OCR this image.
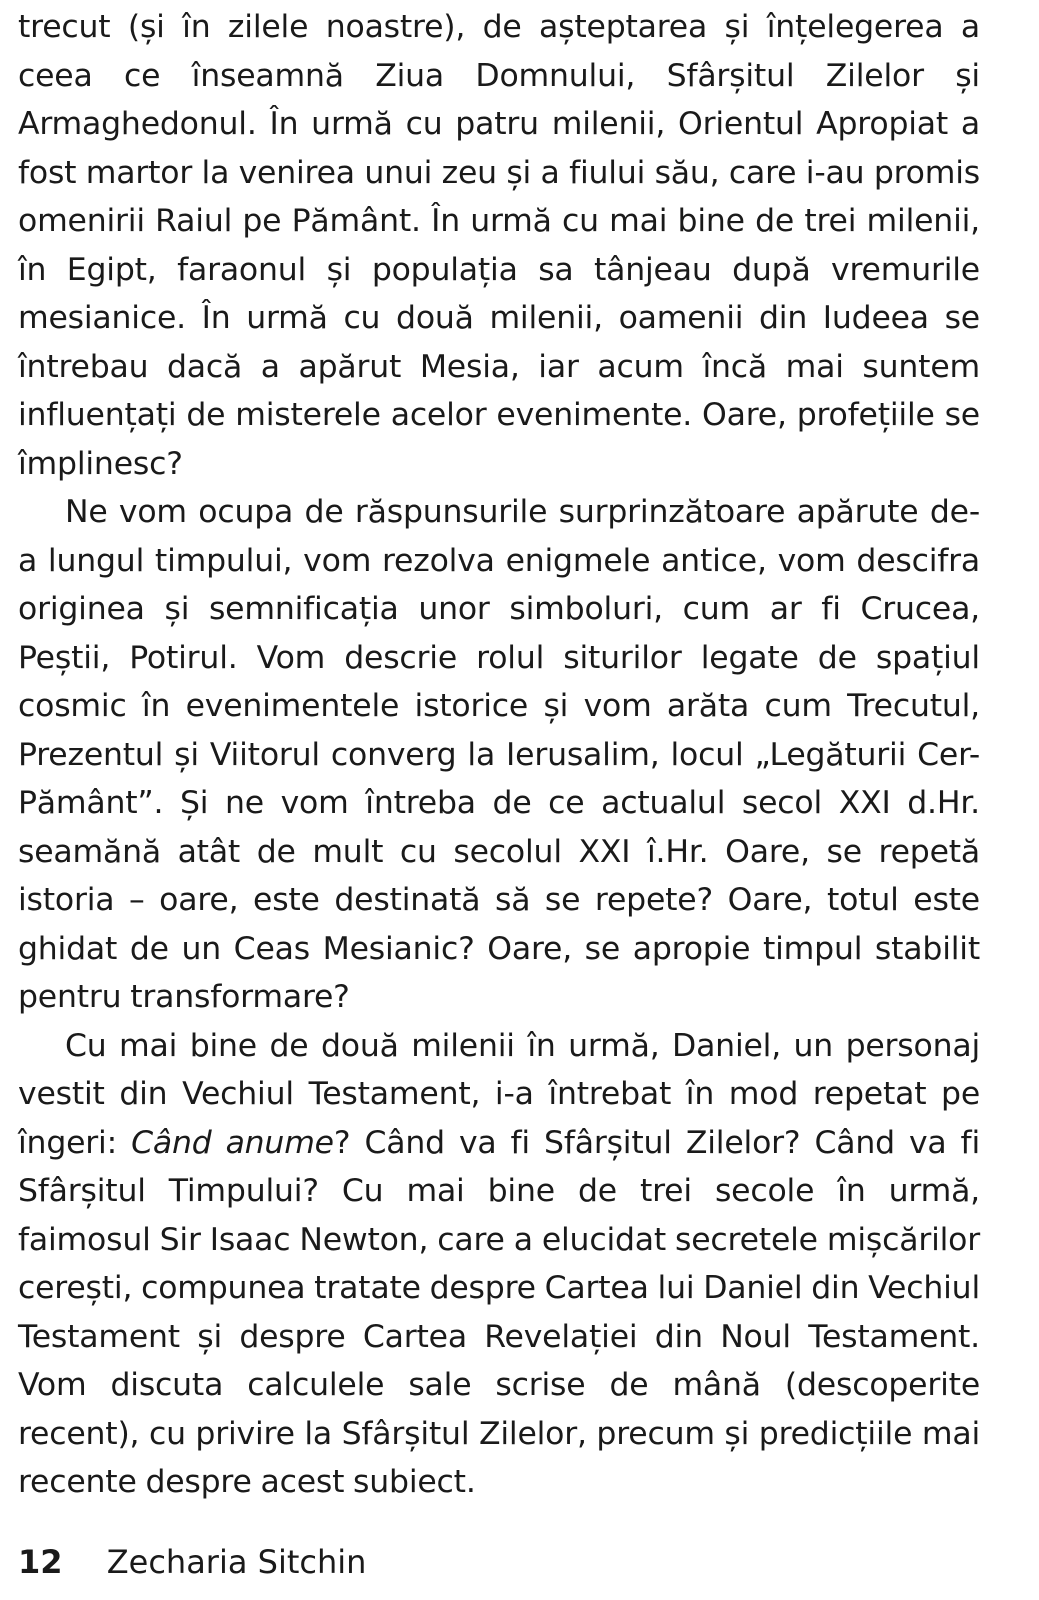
trecut (și în zilele noastre), de așteptarea și înțelegerea a ceea ce înseamnă Ziua Domnului, Sfârșitul Zilelor și Armaghedonul. În urmă cu patru milenii, Orientul Apropiat a fost martor la venirea unui zeu și a fiului său, care i-au promis omenirii Raiul pe Pământ. În urmă cu mai bine de trei milenii, în Egipt, faraonul și populația sa tânjeau după vremurile mesianice. În urmă cu două milenii, oamenii din Iudeea se întrebau dacă a apărut Mesia, iar acum încă mai suntem influențați de misterele acelor evenimente. Oare, profețiile se împlinesc?

Ne vom ocupa de răspunsurile surprinzătoare apărute de-a lungul timpului, vom rezolva enigmele antice, vom descifra originea și semnificația unor simboluri, cum ar fi Crucea, Peștii, Potirul. Vom descrie rolul siturilor legate de spațiul cosmic în evenimentele istorice și vom arăta cum Trecutul, Prezentul și Viitorul converg la Ierusalim, locul „Legăturii Cer-Pământ”. Și ne vom întreba de ce actualul secol XXI d.Hr. seamănă atât de mult cu secolul XXI î.Hr. Oare, se repetă istoria – oare, este destinată să se repete? Oare, totul este ghidat de un Ceas Mesianic? Oare, se apropie timpul stabilit pentru transformare?

Cu mai bine de două milenii în urmă, Daniel, un personaj vestit din Vechiul Testament, i-a întrebat în mod repetat pe îngeri: Când anume? Când va fi Sfârșitul Zilelor? Când va fi Sfârșitul Timpului? Cu mai bine de trei secole în urmă, faimosul Sir Isaac Newton, care a elucidat secretele mișcărilor cerești, compunea tratate despre Cartea lui Daniel din Vechiul Testament și despre Cartea Revelației din Noul Testament. Vom discuta calculele sale scrise de mână (descoperite recent), cu privire la Sfârșitul Zilelor, precum și predicțiile mai recente despre acest subiect.

12 Zecharia Sitchin
